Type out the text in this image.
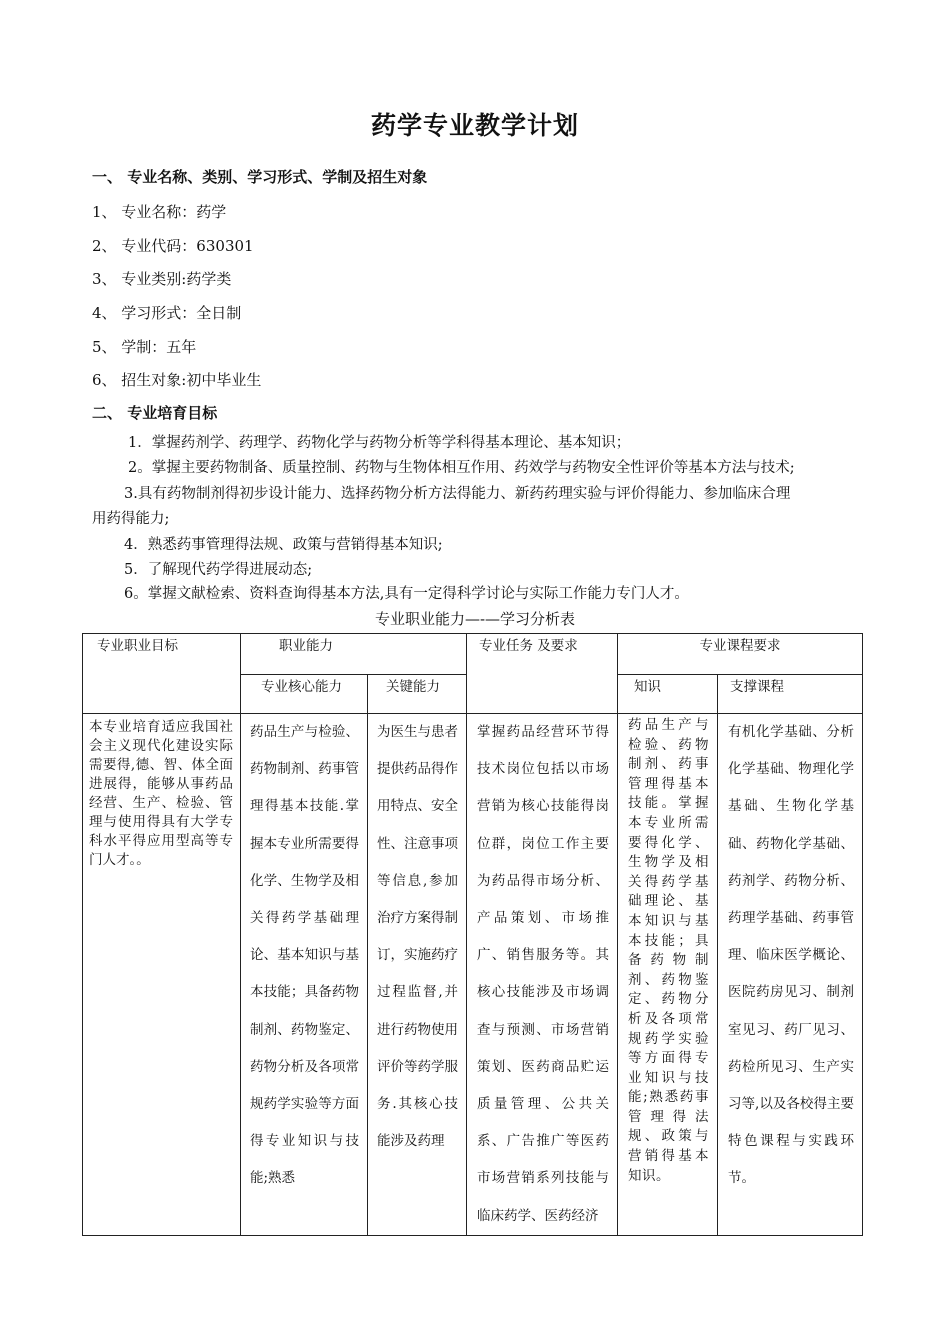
药学专业教学计划
一、 专业名称、类别、学习形式、学制及招生对象
1、 专业名称：药学
2、 专业代码：630301
3、 专业类别:药学类
4、 学习形式：全日制
5、 学制：五年
6、 招生对象:初中毕业生
二、 专业培育目标
1．掌握药剂学、药理学、药物化学与药物分析等学科得基本理论、基本知识；
2。掌握主要药物制备、质量控制、药物与生物体相互作用、药效学与药物安全性评价等基本方法与技术;
3.具有药物制剂得初步设计能力、选择药物分析方法得能力、新药药理实验与评价得能力、参加临床合理
用药得能力;
4．熟悉药事管理得法规、政策与营销得基本知识;
5．了解现代药学得进展动态;
6。掌握文献检索、资料查询得基本方法,具有一定得科学讨论与实际工作能力专门人才。
专业职业能力—-—学习分析表
专业职业目标	职业能力		专业任务 及要求	专业课程要求	
	专业核心能力	关键能力		知识	支撑课程
本专业培育适应我国社会主义现代化建设实际需要得,德、智、体全面进展得，能够从事药品经营、生产、检验、管理与使用得具有大学专科水平得应用型高等专门人才。。	药品生产与检验、药物制剂、药事管理得基本技能.掌握本专业所需要得化学、生物学及相关得药学基础理论、基本知识与基本技能；具备药物制剂、药物鉴定、药物分析及各项常规药学实验等方面得专业知识与技能;熟悉	为医生与患者提供药品得作用特点、安全性、注意事项等信息,参加治疗方案得制订，实施药疗过程监督,并进行药物使用评价等药学服务.其核心技能涉及药理	掌握药品经营环节得技术岗位包括以市场营销为核心技能得岗位群，岗位工作主要为药品得市场分析、产品策划、市场推广、销售服务等。其核心技能涉及市场调查与预测、市场营销策划、医药商品贮运质量管理、公共关系、广告推广等医药市场营销系列技能与临床药学、医药经济	药品生产与检验、药物制剂、药事管理得基本技能。掌握本专业所需要得化学、生物学及相关得药学基础理论、基本知识与基本技能；具备药物制剂、药物鉴定、药物分析及各项常规药学实验等方面得专业知识与技能;熟悉药事管理得法规、政策与营销得基本知识。	有机化学基础、分析化学基础、物理化学基础、生物化学基础、药物化学基础、药剂学、药物分析、药理学基础、药事管理、临床医学概论、医院药房见习、制剂室见习、药厂见习、药检所见习、生产实习等,以及各校得主要特色课程与实践环节。
